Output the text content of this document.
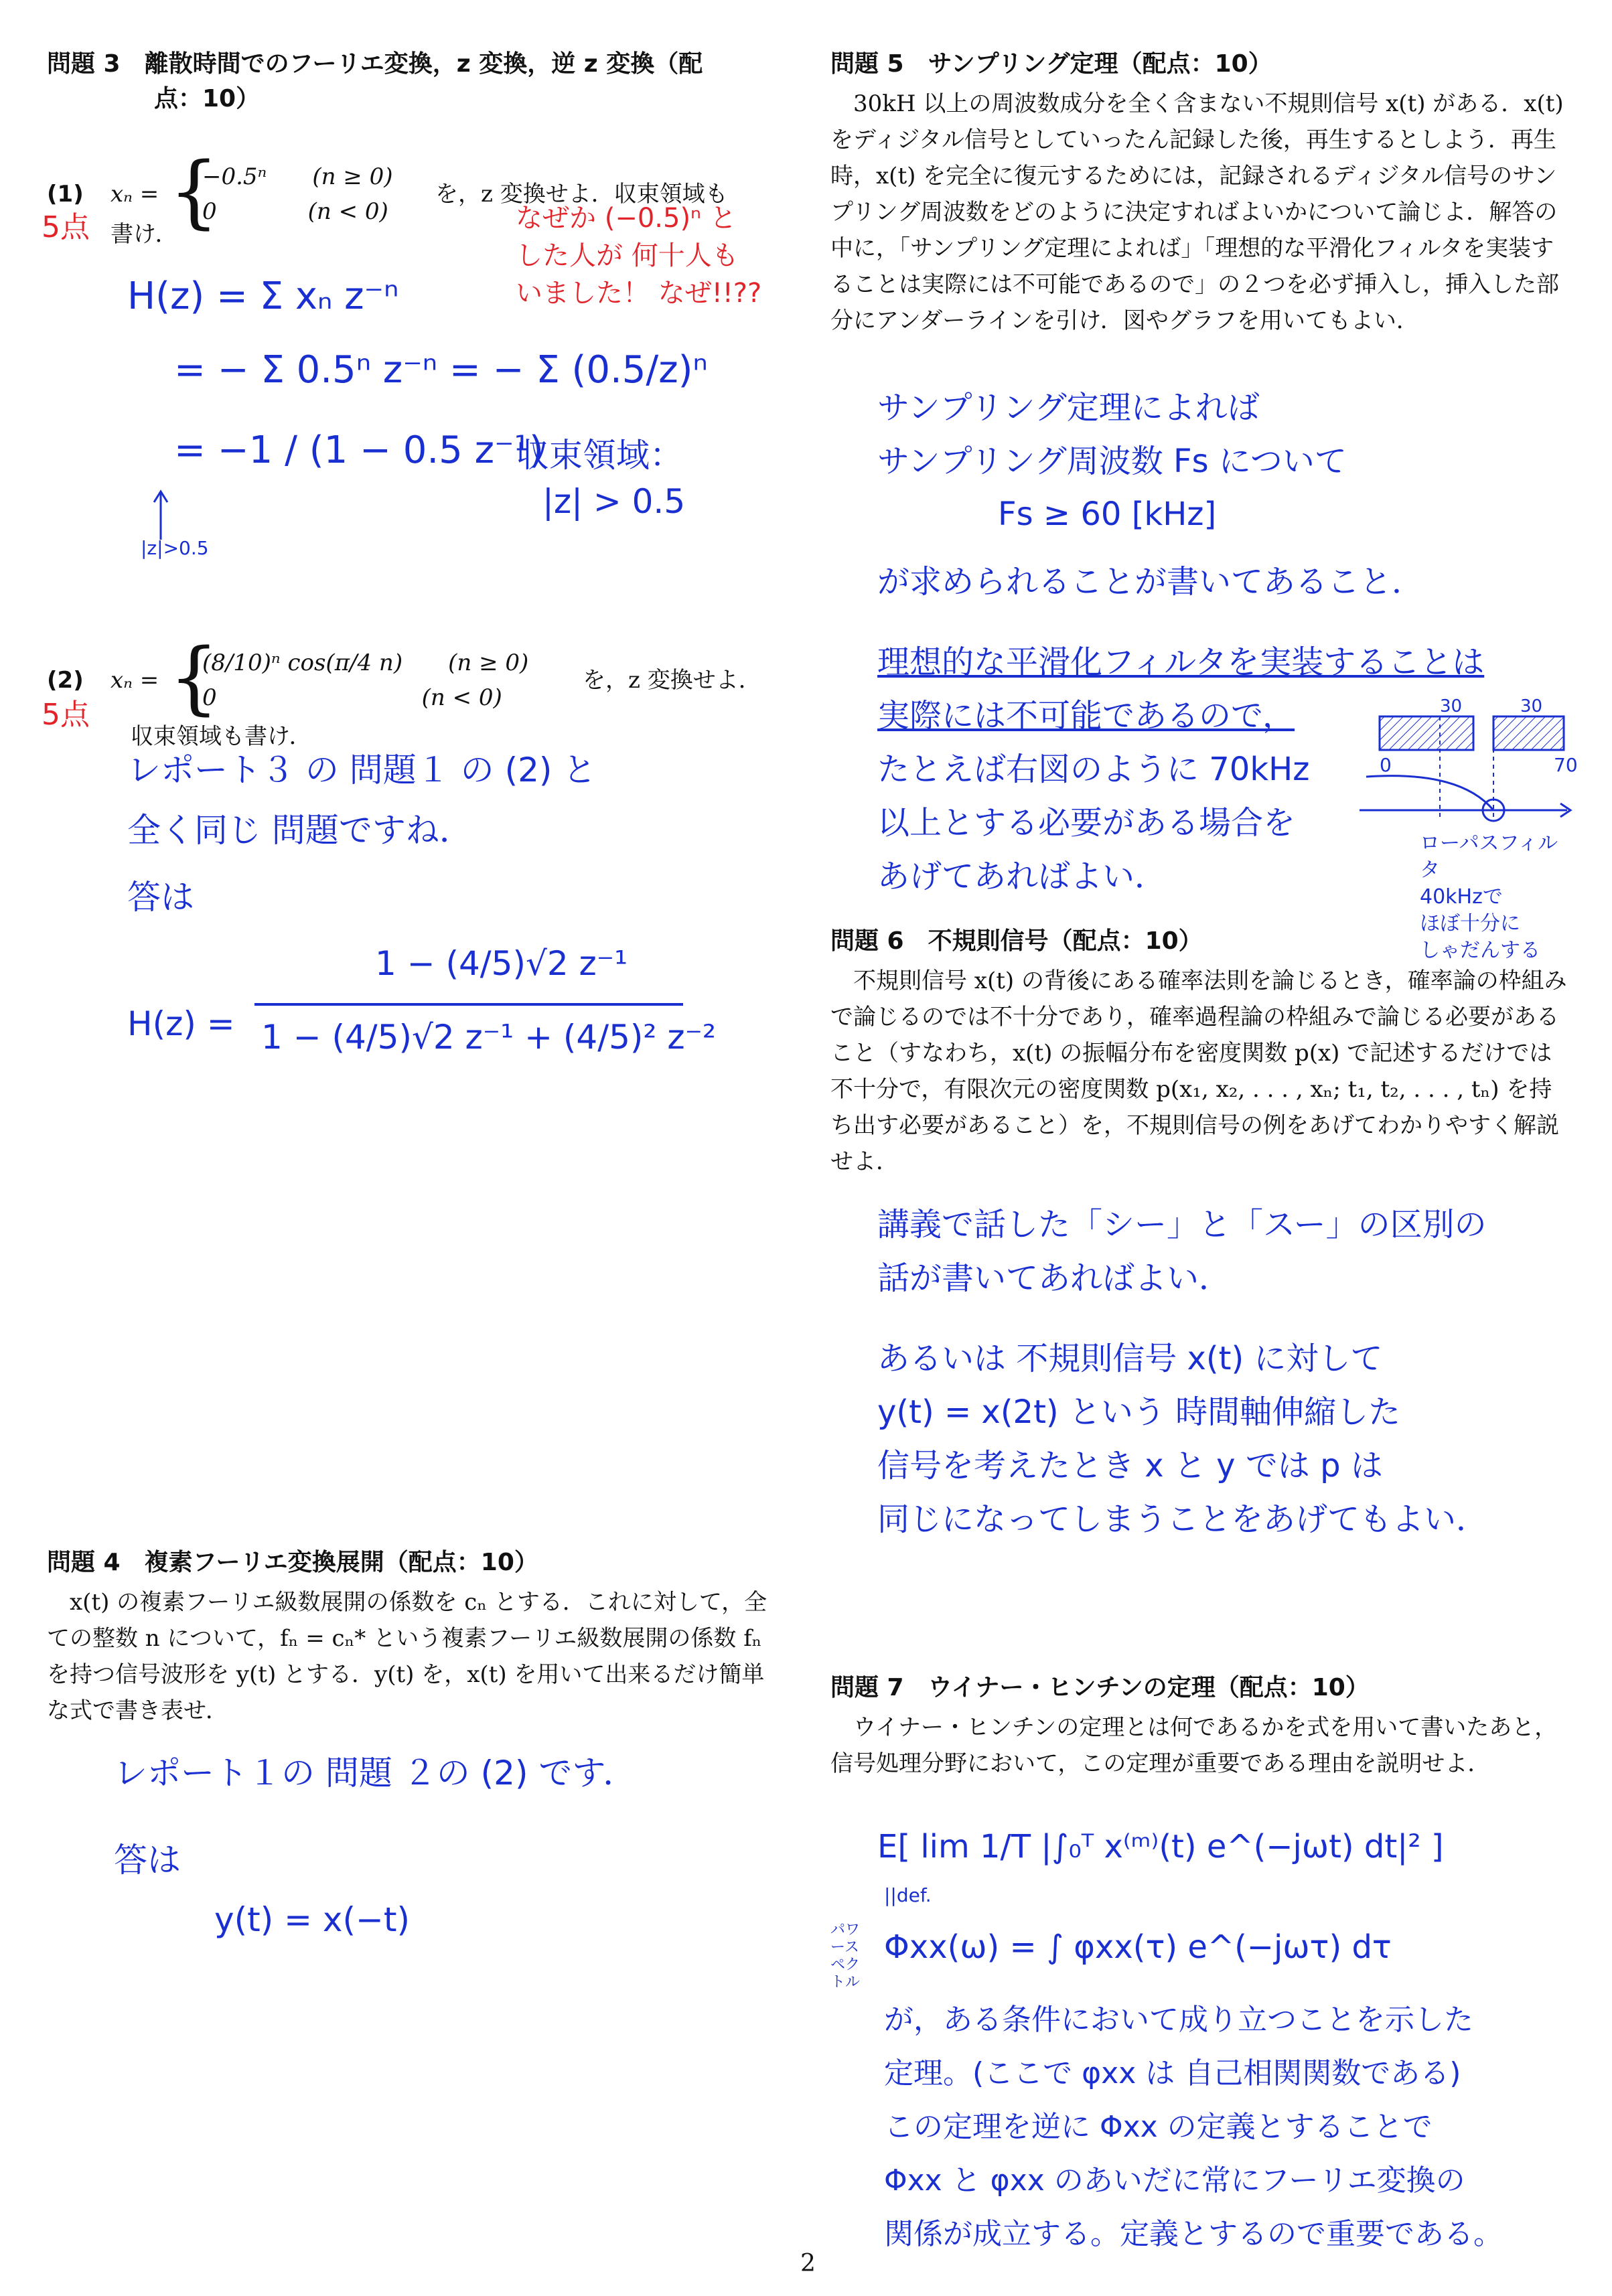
問題 3　離散時間でのフーリエ変換，z 変換，逆 z 変換（配
点：10）
(1) xₙ = {
−0.5ⁿ　　(n ≥ 0)
0　　　　(n < 0)
を，z 変換せよ．収束領域も
書け．
5点	なぜか (−0.5)ⁿ と
した人が 何十人も
いました！ なぜ!!??
H(z) = Σ xₙ z⁻ⁿ
= − Σ 0.5ⁿ z⁻ⁿ = − Σ (0.5/z)ⁿ
= −1 / (1 − 0.5 z⁻¹)
収束領域：
|z| > 0.5
|z|>0.5
(2) xₙ = {
(8/10)ⁿ cos(π/4 n)　　(n ≥ 0)
0　　　　　　　　　(n < 0)
を，z 変換せよ．
収束領域も書け．
5点
レポート３ の 問題１ の (2) と
全く同じ 問題ですね．
答は
H(z) =
1 − (4/5)√2 z⁻¹
1 − (4/5)√2 z⁻¹ + (4/5)² z⁻²
問題 4　複素フーリエ変換展開（配点：10）

x(t) の複素フーリエ級数展開の係数を cₙ とする．これに対して，全ての整数 n について，fₙ = cₙ* という複素フーリエ級数展開の係数 fₙ を持つ信号波形を y(t) とする．y(t) を，x(t) を用いて出来るだけ簡単な式で書き表せ．

レポート１の 問題 ２の (2) です．
答は
y(t) = x(−t)
問題 5　サンプリング定理（配点：10）

30kH 以上の周波数成分を全く含まない不規則信号 x(t) がある．x(t) をディジタル信号としていったん記録した後，再生するとしよう．再生時，x(t) を完全に復元するためには，記録されるディジタル信号のサンプリング周波数をどのように決定すればよいかについて論じよ．解答の中に，「サンプリング定理によれば」「理想的な平滑化フィルタを実装することは実際には不可能であるので」の２つを必ず挿入し，挿入した部分にアンダーラインを引け．図やグラフを用いてもよい．

サンプリング定理によれば
サンプリング周波数 Fs について
Fs ≥ 60 [kHz]
が求められることが書いてあること．
理想的な平滑化フィルタを実装することは
実際には不可能であるので，
たとえば右図のように 70kHz
以上とする必要がある場合を
あげてあればよい．
30	30
0	70
ローパスフィルタ
40kHzで
ほぼ十分に
しゃだんする
問題 6　不規則信号（配点：10）

不規則信号 x(t) の背後にある確率法則を論じるとき，確率論の枠組みで論じるのでは不十分であり，確率過程論の枠組みで論じる必要があること（すなわち，x(t) の振幅分布を密度関数 p(x) で記述するだけでは不十分で，有限次元の密度関数 p(x₁, x₂, . . . , xₙ; t₁, t₂, . . . , tₙ) を持ち出す必要があること）を，不規則信号の例をあげてわかりやすく解説せよ．

講義で話した「シー」と「スー」の区別の
話が書いてあればよい．
あるいは 不規則信号 x(t) に対して
y(t) = x(2t) という 時間軸伸縮した
信号を考えたとき x と y では p は
同じになってしまうことをあげてもよい．
問題 7　ウイナー・ヒンチンの定理（配点：10）

ウイナー・ヒンチンの定理とは何であるかを式を用いて書いたあと，信号処理分野において，この定理が重要である理由を説明せよ．

E[ lim 1/T |∫₀ᵀ x⁽ᵐ⁾(t) e^(−jωt) dt|² ]
||def.
Φxx(ω) = ∫ φxx(τ) e^(−jωτ) dτ
パワースペクトル
が，ある条件において成り立つことを示した
定理。(ここで φxx は 自己相関関数である)
この定理を逆に Φxx の定義とすることで
Φxx と φxx のあいだに常にフーリエ変換の
関係が成立する。定義とするので重要である。
2
